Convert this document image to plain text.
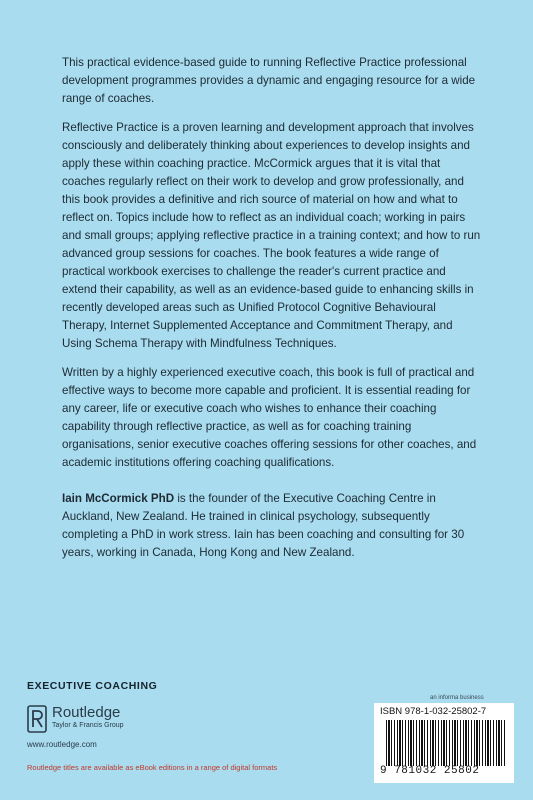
This practical evidence-based guide to running Reflective Practice professional development programmes provides a dynamic and engaging resource for a wide range of coaches.

Reflective Practice is a proven learning and development approach that involves consciously and deliberately thinking about experiences to develop insights and apply these within coaching practice. McCormick argues that it is vital that coaches regularly reflect on their work to develop and grow professionally, and this book provides a definitive and rich source of material on how and what to reflect on. Topics include how to reflect as an individual coach; working in pairs and small groups; applying reflective practice in a training context; and how to run advanced group sessions for coaches. The book features a wide range of practical workbook exercises to challenge the reader's current practice and extend their capability, as well as an evidence-based guide to enhancing skills in recently developed areas such as Unified Protocol Cognitive Behavioural Therapy, Internet Supplemented Acceptance and Commitment Therapy, and Using Schema Therapy with Mindfulness Techniques.

Written by a highly experienced executive coach, this book is full of practical and effective ways to become more capable and proficient. It is essential reading for any career, life or executive coach who wishes to enhance their coaching capability through reflective practice, as well as for coaching training organisations, senior executive coaches offering sessions for other coaches, and academic institutions offering coaching qualifications.

Iain McCormick PhD is the founder of the Executive Coaching Centre in Auckland, New Zealand. He trained in clinical psychology, subsequently completing a PhD in work stress. Iain has been coaching and consulting for 30 years, working in Canada, Hong Kong and New Zealand.

EXECUTIVE COACHING
Routledge
Taylor & Francis Group
www.routledge.com
Routledge titles are available as eBook editions in a range of digital formats
an informa business
ISBN 978-1-032-25802-7
9 781032 25802
